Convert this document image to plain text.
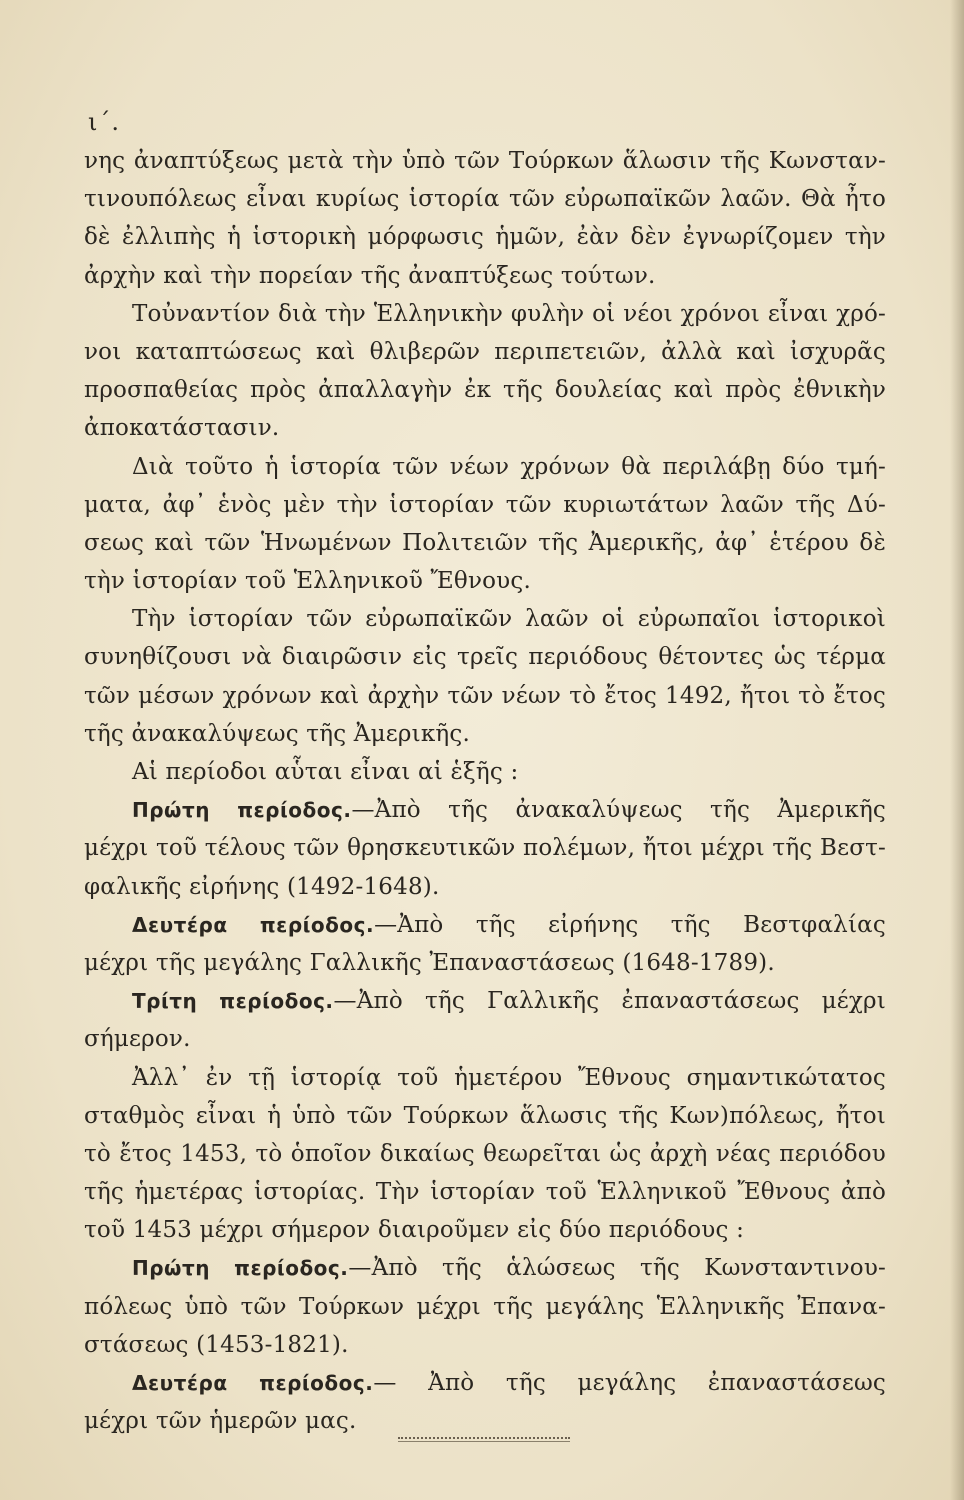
ι΄.
νης ἀναπτύξεως μετὰ τὴν ὑπὸ τῶν Τούρκων ἅλωσιν τῆς Κωνσταν-
τινουπόλεως εἶναι κυρίως ἱστορία τῶν εὐρωπαϊκῶν λαῶν. Θὰ ἦτο
δὲ ἐλλιπὴς ἡ ἱστορικὴ μόρφωσις ἡμῶν, ἐὰν δὲν ἐγνωρίζομεν τὴν
ἀρχὴν καὶ τὴν πορείαν τῆς ἀναπτύξεως τούτων.
Τοὐναντίον διὰ τὴν Ἑλληνικὴν φυλὴν οἱ νέοι χρόνοι εἶναι χρό-
νοι καταπτώσεως καὶ θλιβερῶν περιπετειῶν, ἀλλὰ καὶ ἰσχυρᾶς
προσπαθείας πρὸς ἀπαλλαγὴν ἐκ τῆς δουλείας καὶ πρὸς ἐθνικὴν
ἀποκατάστασιν.
Διὰ τοῦτο ἡ ἱστορία τῶν νέων χρόνων θὰ περιλάβῃ δύο τμή-
ματα, ἀφ᾽ ἑνὸς μὲν τὴν ἱστορίαν τῶν κυριωτάτων λαῶν τῆς Δύ-
σεως καὶ τῶν Ἡνωμένων Πολιτειῶν τῆς Ἀμερικῆς, ἀφ᾽ ἑτέρου δὲ
τὴν ἱστορίαν τοῦ Ἑλληνικοῦ Ἔθνους.
Τὴν ἱστορίαν τῶν εὐρωπαϊκῶν λαῶν οἱ εὐρωπαῖοι ἱστορικοὶ
συνηθίζουσι νὰ διαιρῶσιν εἰς τρεῖς περιόδους θέτοντες ὡς τέρμα
τῶν μέσων χρόνων καὶ ἀρχὴν τῶν νέων τὸ ἔτος 1492, ἤτοι τὸ ἔτος
τῆς ἀνακαλύψεως τῆς Ἀμερικῆς.
Αἱ περίοδοι αὗται εἶναι αἱ ἑξῆς :
Πρώτη περίοδος.—Ἀπὸ τῆς ἀνακαλύψεως τῆς Ἀμερικῆς
μέχρι τοῦ τέλους τῶν θρησκευτικῶν πολέμων, ἤτοι μέχρι τῆς Βεστ-
φαλικῆς εἰρήνης (1492-1648).
Δευτέρα περίοδος.—Ἀπὸ τῆς εἰρήνης τῆς Βεστφαλίας
μέχρι τῆς μεγάλης Γαλλικῆς Ἐπαναστάσεως (1648-1789).
Τρίτη περίοδος.—Ἀπὸ τῆς Γαλλικῆς ἐπαναστάσεως μέχρι
σήμερον.
Ἀλλ᾽ ἐν τῇ ἱστορίᾳ τοῦ ἡμετέρου Ἔθνους σημαντικώτατος
σταθμὸς εἶναι ἡ ὑπὸ τῶν Τούρκων ἅλωσις τῆς Κων)πόλεως, ἤτοι
τὸ ἔτος 1453, τὸ ὁποῖον δικαίως θεωρεῖται ὡς ἀρχὴ νέας περιόδου
τῆς ἡμετέρας ἱστορίας. Τὴν ἱστορίαν τοῦ Ἑλληνικοῦ Ἔθνους ἀπὸ
τοῦ 1453 μέχρι σήμερον διαιροῦμεν εἰς δύο περιόδους :
Πρώτη περίοδος.—Ἀπὸ τῆς ἁλώσεως τῆς Κωνσταντινου-
πόλεως ὑπὸ τῶν Τούρκων μέχρι τῆς μεγάλης Ἑλληνικῆς Ἐπανα-
στάσεως (1453-1821).
Δευτέρα περίοδος.— Ἀπὸ τῆς μεγάλης ἐπαναστάσεως
μέχρι τῶν ἡμερῶν μας.
